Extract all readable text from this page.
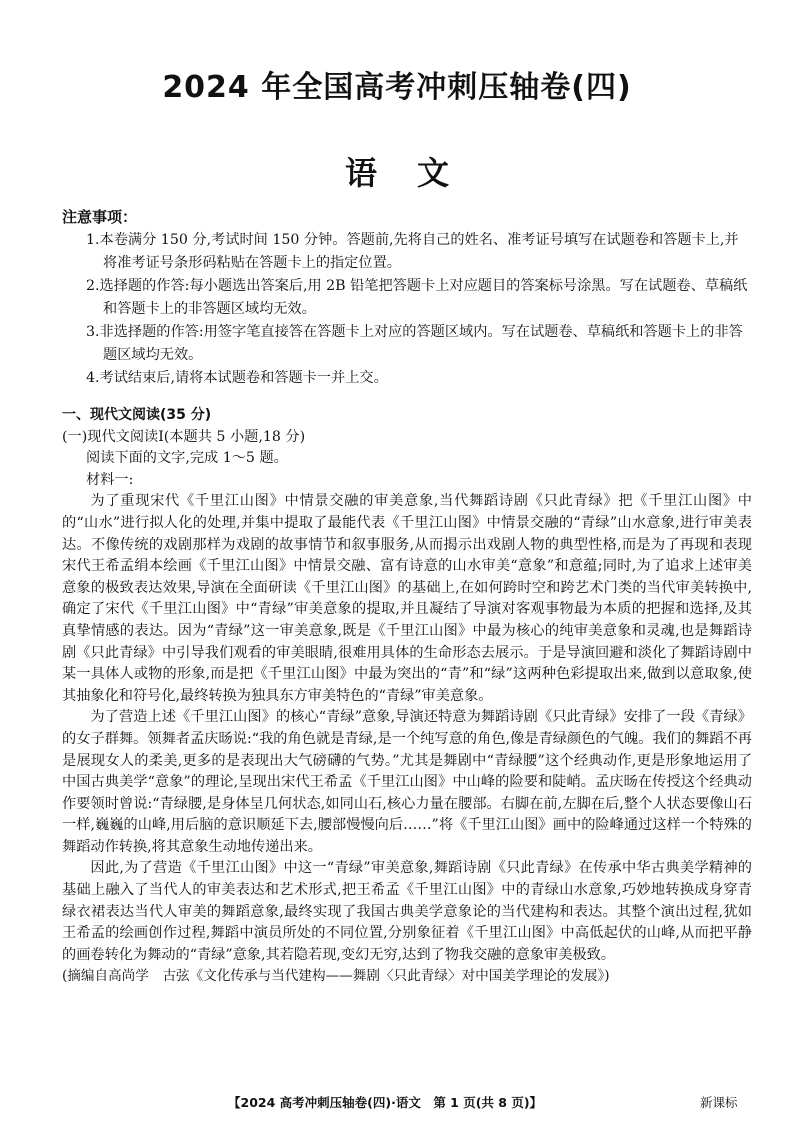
2024 年全国高考冲刺压轴卷(四)
语文
注意事项：

1.本卷满分 150 分,考试时间 150 分钟。答题前,先将自己的姓名、准考证号填写在试题卷和答题卡上,并将准考证号条形码粘贴在答题卡上的指定位置。

2.选择题的作答:每小题选出答案后,用 2B 铅笔把答题卡上对应题目的答案标号涂黑。写在试题卷、草稿纸和答题卡上的非答题区域均无效。

3.非选择题的作答:用签字笔直接答在答题卡上对应的答题区域内。写在试题卷、草稿纸和答题卡上的非答题区域均无效。

4.考试结束后,请将本试题卷和答题卡一并上交。

一、现代文阅读(35 分)

(一)现代文阅读Ⅰ(本题共 5 小题,18 分)

阅读下面的文字,完成 1～5 题。

材料一:

为了重现宋代《千里江山图》中情景交融的审美意象,当代舞蹈诗剧《只此青绿》把《千里江山图》中的“山水”进行拟人化的处理,并集中提取了最能代表《千里江山图》中情景交融的“青绿”山水意象,进行审美表达。不像传统的戏剧那样为戏剧的故事情节和叙事服务,从而揭示出戏剧人物的典型性格,而是为了再现和表现宋代王希孟绢本绘画《千里江山图》中情景交融、富有诗意的山水审美“意象”和意蕴;同时,为了追求上述审美意象的极致表达效果,导演在全面研读《千里江山图》的基础上,在如何跨时空和跨艺术门类的当代审美转换中,确定了宋代《千里江山图》中“青绿”审美意象的提取,并且凝结了导演对客观事物最为本质的把握和选择,及其真挚情感的表达。因为“青绿”这一审美意象,既是《千里江山图》中最为核心的纯审美意象和灵魂,也是舞蹈诗剧《只此青绿》中引导我们观看的审美眼睛,很难用具体的生命形态去展示。于是导演回避和淡化了舞蹈诗剧中某一具体人或物的形象,而是把《千里江山图》中最为突出的“青”和“绿”这两种色彩提取出来,做到以意取象,使其抽象化和符号化,最终转换为独具东方审美特色的“青绿”审美意象。

为了营造上述《千里江山图》的核心“青绿”意象,导演还特意为舞蹈诗剧《只此青绿》安排了一段《青绿》的女子群舞。领舞者孟庆旸说:“我的角色就是青绿,是一个纯写意的角色,像是青绿颜色的气魄。我们的舞蹈不再是展现女人的柔美,更多的是表现出大气磅礴的气势。”尤其是舞剧中“青绿腰”这个经典动作,更是形象地运用了中国古典美学“意象”的理论,呈现出宋代王希孟《千里江山图》中山峰的险要和陡峭。孟庆旸在传授这个经典动作要领时曾说:“青绿腰,是身体呈几何状态,如同山石,核心力量在腰部。右脚在前,左脚在后,整个人状态要像山石一样,巍巍的山峰,用后脑的意识顺延下去,腰部慢慢向后……”将《千里江山图》画中的险峰通过这样一个特殊的舞蹈动作转换,将其意象生动地传递出来。

因此,为了营造《千里江山图》中这一“青绿”审美意象,舞蹈诗剧《只此青绿》在传承中华古典美学精神的基础上融入了当代人的审美表达和艺术形式,把王希孟《千里江山图》中的青绿山水意象,巧妙地转换成身穿青绿衣裙表达当代人审美的舞蹈意象,最终实现了我国古典美学意象论的当代建构和表达。其整个演出过程,犹如王希孟的绘画创作过程,舞蹈中演员所处的不同位置,分别象征着《千里江山图》中高低起伏的山峰,从而把平静的画卷转化为舞动的“青绿”意象,其若隐若现,变幻无穷,达到了物我交融的意象审美极致。

(摘编自高尚学　古弦《文化传承与当代建构——舞剧〈只此青绿〉对中国美学理论的发展》)

【2024 高考冲刺压轴卷(四)·语文　第 1 页(共 8 页)】	新课标
